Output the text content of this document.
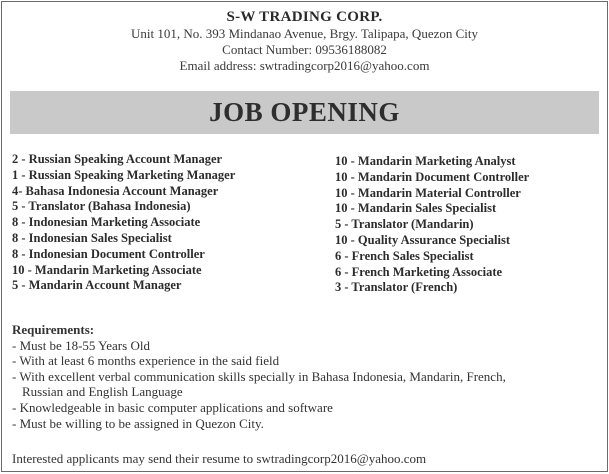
S-W TRADING CORP.
Unit 101, No. 393 Mindanao Avenue, Brgy. Talipapa, Quezon City
Contact Number: 09536188082
Email address: swtradingcorp2016@yahoo.com
JOB OPENING
2 - Russian Speaking Account Manager
1 - Russian Speaking Marketing Manager
4- Bahasa Indonesia Account Manager
5 - Translator (Bahasa Indonesia)
8 - Indonesian Marketing Associate
8 - Indonesian Sales Specialist
8 - Indonesian Document Controller
10 - Mandarin Marketing Associate
5 - Mandarin Account Manager
10 - Mandarin Marketing Analyst
10 - Mandarin Document Controller
10 - Mandarin Material Controller
10 - Mandarin Sales Specialist
5 - Translator (Mandarin)
10 - Quality Assurance Specialist
6 - French Sales Specialist
6 - French Marketing Associate
3 - Translator (French)
Requirements:
- Must be 18-55 Years Old
- With at least 6 months experience in the said field
- With excellent verbal communication skills specially in Bahasa Indonesia, Mandarin, French,
Russian and English Language
- Knowledgeable in basic computer applications and software
- Must be willing to be assigned in Quezon City.
Interested applicants may send their resume to swtradingcorp2016@yahoo.com
